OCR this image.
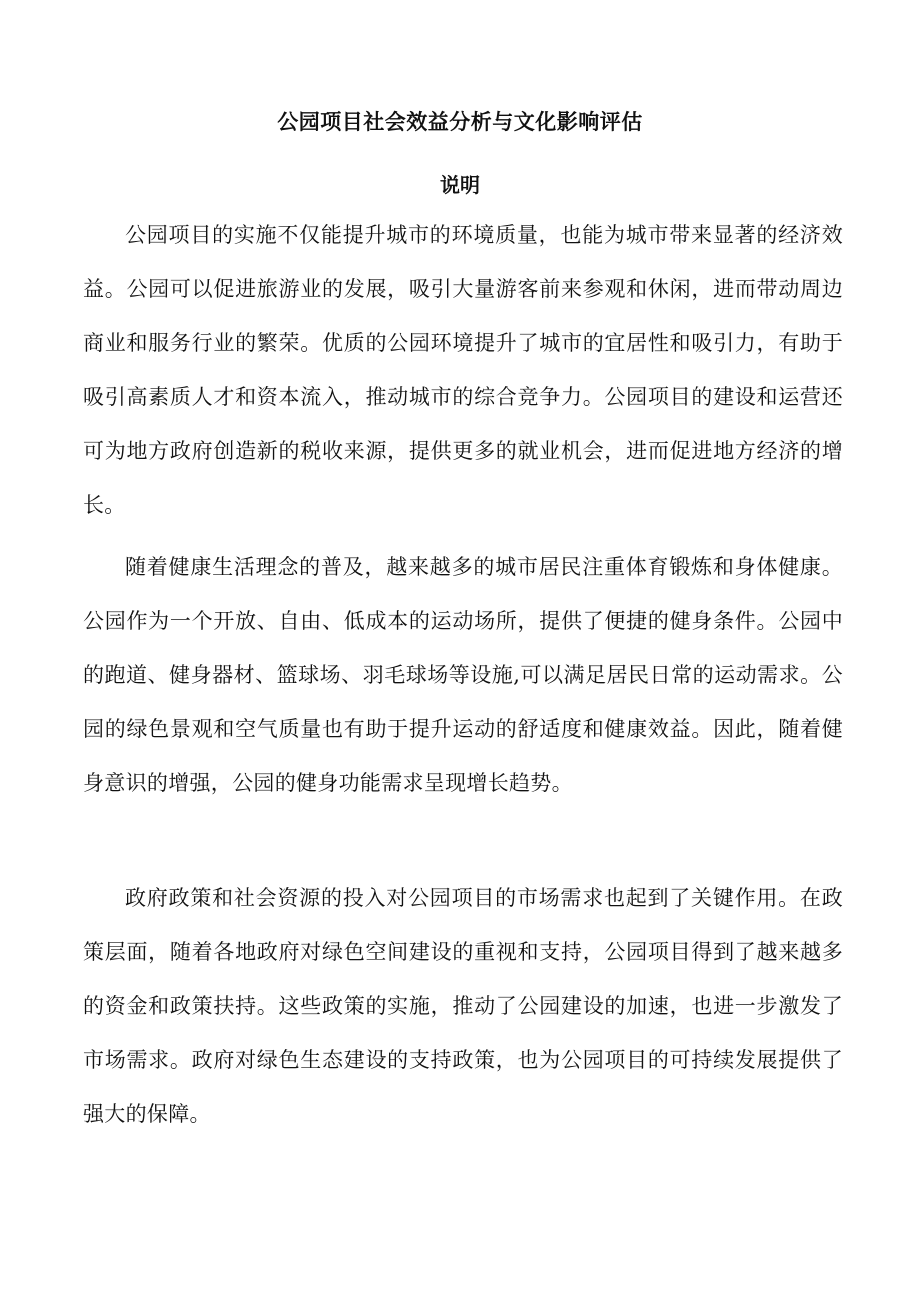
公园项目社会效益分析与文化影响评估
说明

公园项目的实施不仅能提升城市的环境质量，也能为城市带来显著的经济效益。公园可以促进旅游业的发展，吸引大量游客前来参观和休闲，进而带动周边商业和服务行业的繁荣。优质的公园环境提升了城市的宜居性和吸引力，有助于吸引高素质人才和资本流入，推动城市的综合竞争力。公园项目的建设和运营还可为地方政府创造新的税收来源，提供更多的就业机会，进而促进地方经济的增长。

随着健康生活理念的普及，越来越多的城市居民注重体育锻炼和身体健康。公园作为一个开放、自由、低成本的运动场所，提供了便捷的健身条件。公园中的跑道、健身器材、篮球场、羽毛球场等设施,可以满足居民日常的运动需求。公园的绿色景观和空气质量也有助于提升运动的舒适度和健康效益。因此，随着健身意识的增强，公园的健身功能需求呈现增长趋势。

政府政策和社会资源的投入对公园项目的市场需求也起到了关键作用。在政策层面，随着各地政府对绿色空间建设的重视和支持，公园项目得到了越来越多的资金和政策扶持。这些政策的实施，推动了公园建设的加速，也进一步激发了市场需求。政府对绿色生态建设的支持政策，也为公园项目的可持续发展提供了强大的保障。
